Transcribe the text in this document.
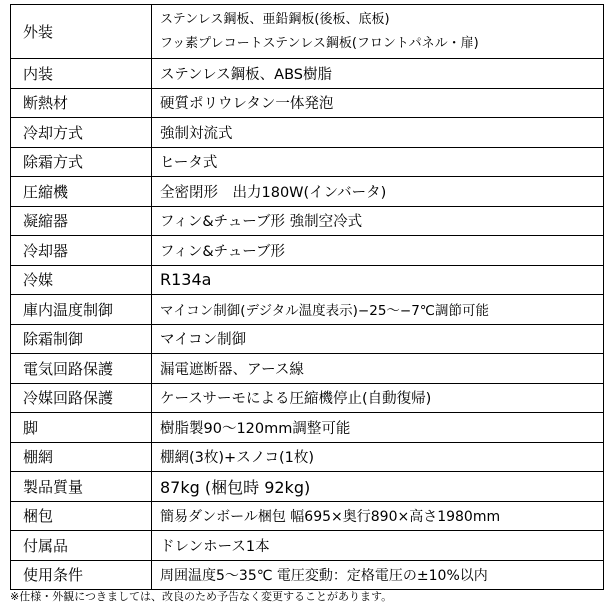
外装	ステンレス鋼板、亜鉛鋼板(後板、底板)
フッ素プレコートステンレス鋼板(フロントパネル・扉)

内装	ステンレス鋼板、ABS樹脂
断熱材	硬質ポリウレタン一体発泡
冷却方式	強制対流式
除霜方式	ヒータ式
圧縮機	全密閉形　出力180W(インバータ)
凝縮器	フィン&チューブ形 強制空冷式
冷却器	フィン&チューブ形
冷媒	R134a
庫内温度制御	マイコン制御(デジタル温度表示)−25〜−7℃調節可能
除霜制御	マイコン制御
電気回路保護	漏電遮断器、アース線
冷媒回路保護	ケースサーモによる圧縮機停止(自動復帰)
脚	樹脂製90〜120mm調整可能
棚網	棚網(3枚)+スノコ(1枚)
製品質量	87kg (梱包時 92kg)
梱包	簡易ダンボール梱包 幅695×奥行890×高さ1980mm
付属品	ドレンホース1本
使用条件	周囲温度5〜35℃ 電圧変動：定格電圧の±10%以内
※仕様・外観につきましては、改良のため予告なく変更することがあります。
